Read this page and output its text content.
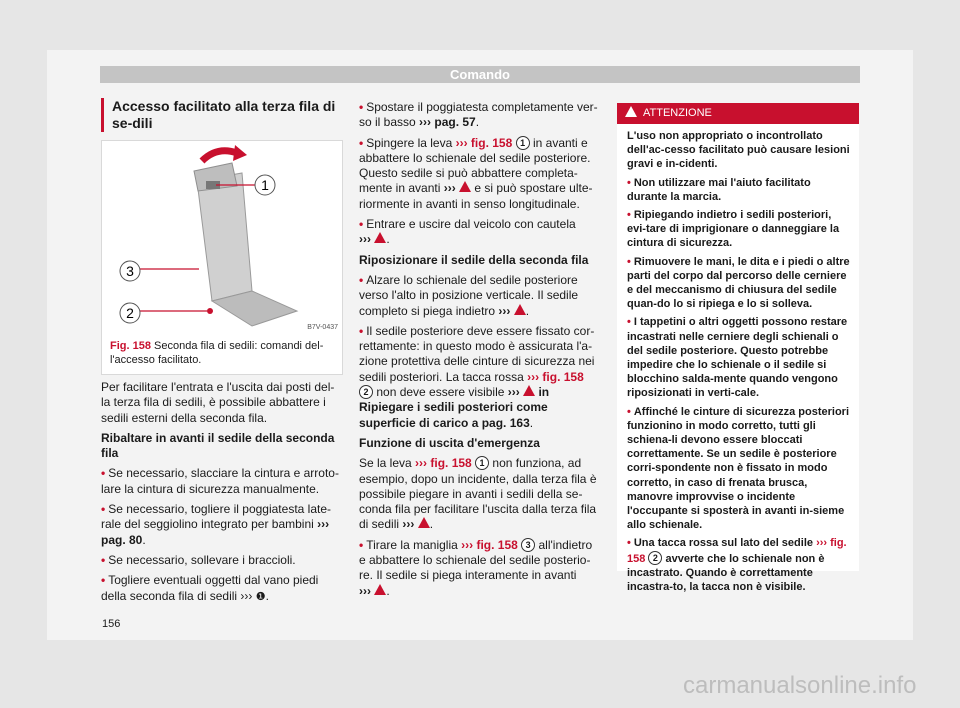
Comando
Accesso facilitato alla terza fila di se-dili
1
3
2
B7V-0437
Fig. 158 Seconda fila di sedili: comandi del-l'accesso facilitato.

Per facilitare l'entrata e l'uscita dai posti del-la terza fila di sedili, è possibile abbattere i sedili esterni della seconda fila.

Ribaltare in avanti il sedile della seconda fila

• Se necessario, slacciare la cintura e arroto-lare la cintura di sicurezza manualmente.

• Se necessario, togliere il poggiatesta late-rale del seggiolino integrato per bambini ››› pag. 80.

• Se necessario, sollevare i braccioli.

• Togliere eventuali oggetti dal vano piedi della seconda fila di sedili ››› ❶.

• Spostare il poggiatesta completamente ver-so il basso ››› pag. 57.

• Spingere la leva ››› fig. 158 1 in avanti e abbattere lo schienale del sedile posteriore. Questo sedile si può abbattere completa-mente in avanti ››› e si può spostare ulte-riormente in avanti in senso longitudinale.

• Entrare e uscire dal veicolo con cautela
››› .

Riposizionare il sedile della seconda fila

• Alzare lo schienale del sedile posteriore verso l'alto in posizione verticale. Il sedile completo si piega indietro ››› .

• Il sedile posteriore deve essere fissato cor-rettamente: in questo modo è assicurata l'a-zione protettiva delle cinture di sicurezza nei sedili posteriori. La tacca rossa ››› fig. 158 2 non deve essere visibile ››› in Ripiegare i sedili posteriori come superficie di carico a pag. 163.

Funzione di uscita d'emergenza

Se la leva ››› fig. 158 1 non funziona, ad esempio, dopo un incidente, dalla terza fila è possibile piegare in avanti i sedili della se-conda fila per facilitare l'uscita dalla terza fila di sedili ››› .

• Tirare la maniglia ››› fig. 158 3 all'indietro e abbattere lo schienale del sedile posterio-re. Il sedile si piega interamente in avanti
››› .

ATTENZIONE

L'uso non appropriato o incontrollato dell'ac-cesso facilitato può causare lesioni gravi e in-cidenti.

• Non utilizzare mai l'aiuto facilitato durante la marcia.

• Ripiegando indietro i sedili posteriori, evi-tare di imprigionare o danneggiare la cintura di sicurezza.

• Rimuovere le mani, le dita e i piedi o altre parti del corpo dal percorso delle cerniere e del meccanismo di chiusura del sedile quan-do lo si ripiega e lo si solleva.

• I tappetini o altri oggetti possono restare incastrati nelle cerniere degli schienali o del sedile posteriore. Questo potrebbe impedire che lo schienale o il sedile si blocchino salda-mente quando vengono riposizionati in verti-cale.

• Affinché le cinture di sicurezza posteriori funzionino in modo corretto, tutti gli schiena-li devono essere bloccati correttamente. Se un sedile è posteriore corri-spondente non è fissato in modo corretto, in caso di frenata brusca, manovre improvvise o incidente l'occupante si sposterà in avanti in-sieme allo schienale.

• Una tacca rossa sul lato del sedile ››› fig. 158 2 avverte che lo schienale non è incastrato. Quando è correttamente incastra-to, la tacca non è visibile.

156
carmanualsonline.info
